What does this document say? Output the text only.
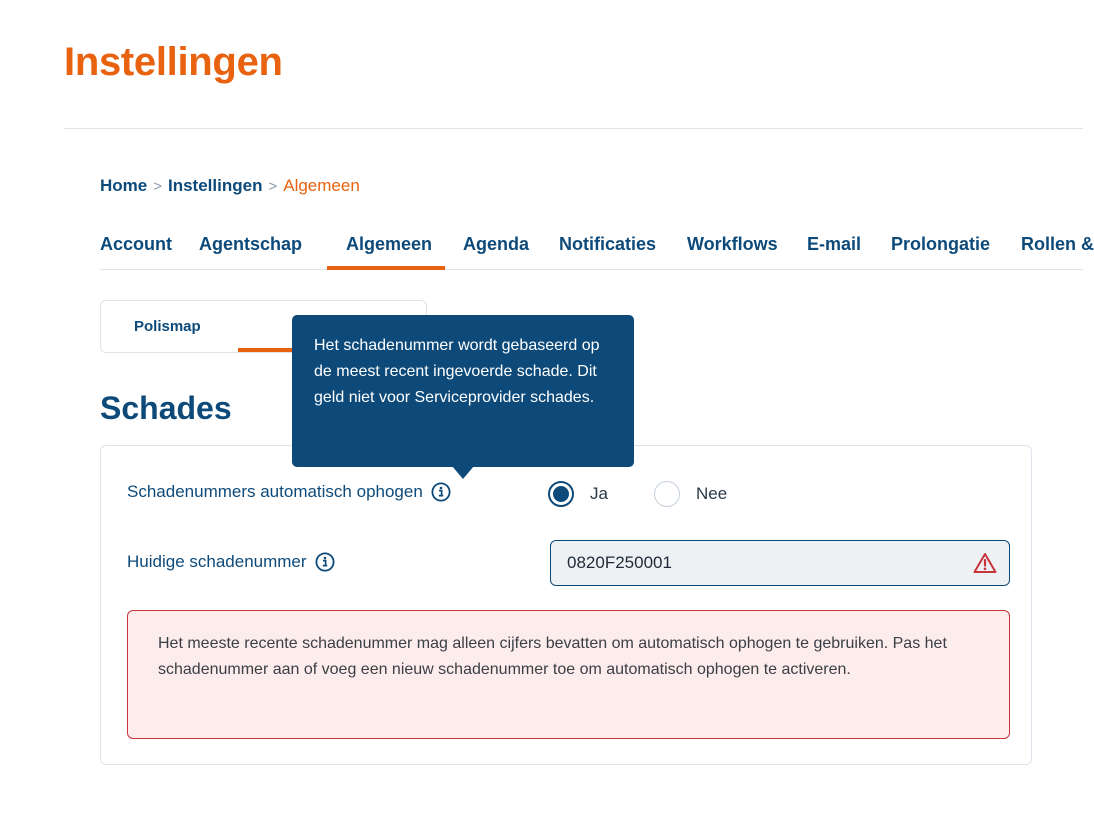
Instellingen
Home > Instellingen > Algemeen
Account Agentschap Algemeen Agenda Notificaties Workflows E-mail Prolongatie Rollen &
Polismap
Schades
Schadenummers automatisch ophogen	Ja	Nee
Huidige schadenummer
0820F250001
Het meeste recente schadenummer mag alleen cijfers bevatten om automatisch ophogen te gebruiken. Pas het schadenummer aan of voeg een nieuw schadenummer toe om automatisch ophogen te activeren.
Het schadenummer wordt gebaseerd op de meest recent ingevoerde schade. Dit geld niet voor Serviceprovider schades.
